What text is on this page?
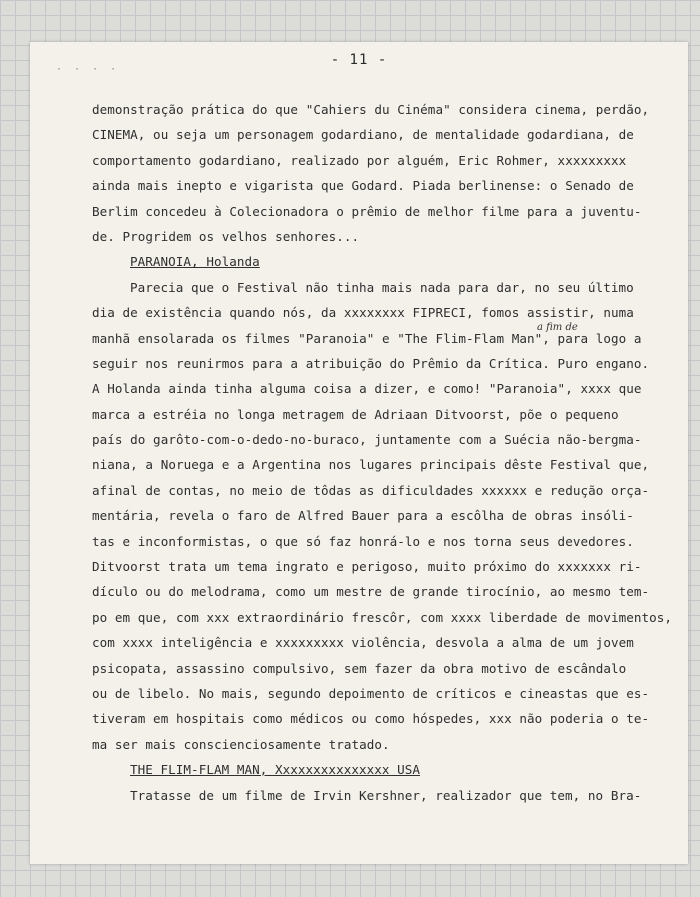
· · · ·
- 11 -
demonstração prática do que "Cahiers du Cinéma" considera cinema, perdão,
CINEMA, ou seja um personagem godardiano, de mentalidade godardiana, de
comportamento godardiano, realizado por alguém, Eric Rohmer, xxxxxxxxx
ainda mais inepto e vigarista que Godard. Piada berlinense: o Senado de
Berlim concedeu à Colecionadora o prêmio de melhor filme para a juventu-
de. Progridem os velhos senhores...
PARANOIA, Holanda
Parecia que o Festival não tinha mais nada para dar, no seu último
dia de existência quando nós, da xxxxxxxx FIPRECI, fomos assistir, numa
manhã ensolarada os filmes "Paranoia" e "The Flim-Flam Man", para logo a
seguir nos reunirmos para a atribuição do Prêmio da Crítica. Puro engano.
A Holanda ainda tinha alguma coisa a dizer, e como! "Paranoia", xxxx que
marca a estréia no longa metragem de Adriaan Ditvoorst, põe o pequeno
país do garôto-com-o-dedo-no-buraco, juntamente com a Suécia não-bergma-
niana, a Noruega e a Argentina nos lugares principais dêste Festival que,
afinal de contas, no meio de tôdas as dificuldades xxxxxx e redução orça-
mentária, revela o faro de Alfred Bauer para a escôlha de obras insóli-
tas e inconformistas, o que só faz honrá-lo e nos torna seus devedores.
Ditvoorst trata um tema ingrato e perigoso, muito próximo do xxxxxxx ri-
dículo ou do melodrama, como um mestre de grande tirocínio, ao mesmo tem-
po em que, com xxx extraordinário frescôr, com xxxx liberdade de movimentos,
com xxxx inteligência e xxxxxxxxx violência, desvola a alma de um jovem
psicopata, assassino compulsivo, sem fazer da obra motivo de escândalo
ou de libelo. No mais, segundo depoimento de críticos e cineastas que es-
tiveram em hospitais como médicos ou como hóspedes, xxx não poderia o te-
ma ser mais conscienciosamente tratado.
THE FLIM-FLAM MAN, Xxxxxxxxxxxxxxx USA
Tratasse de um filme de Irvin Kershner, realizador que tem, no Bra-
a fim de
